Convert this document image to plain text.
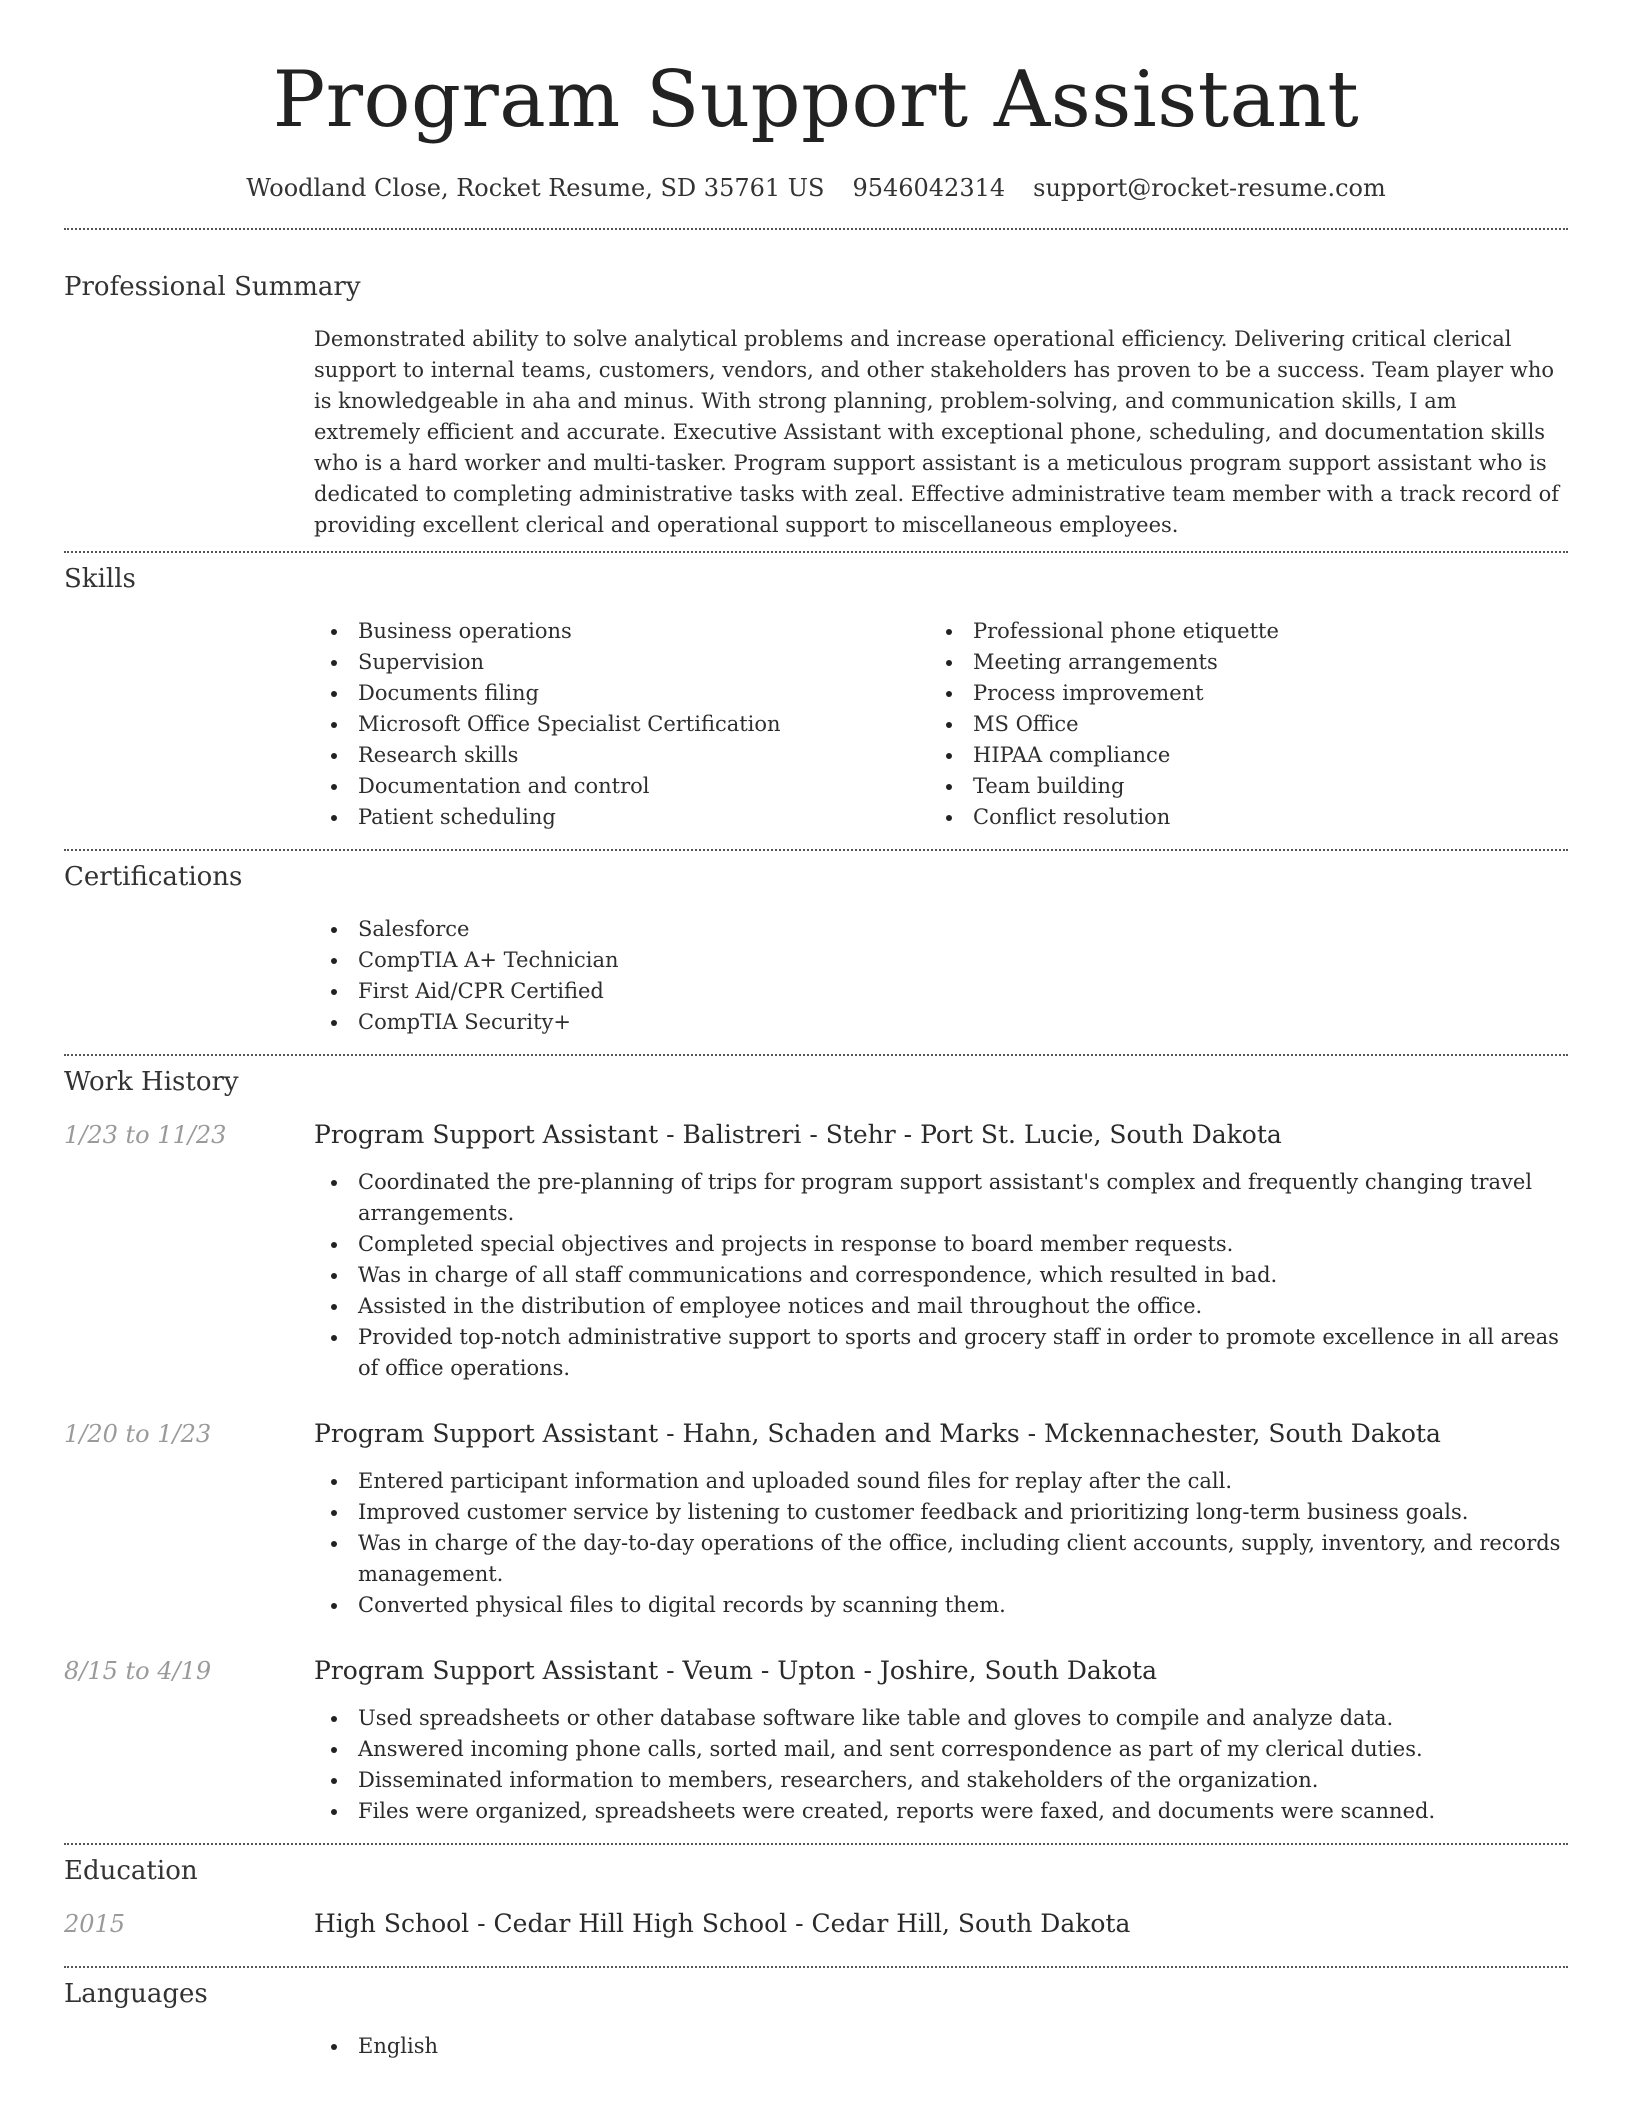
Program Support Assistant
Woodland Close, Rocket Resume, SD 35761 US 9546042314 support@rocket-resume.com
Professional Summary
Demonstrated ability to solve analytical problems and increase operational efficiency. Delivering critical clerical support to internal teams, customers, vendors, and other stakeholders has proven to be a success. Team player who is knowledgeable in aha and minus. With strong planning, problem-solving, and communication skills, I am extremely efficient and accurate. Executive Assistant with exceptional phone, scheduling, and documentation skills who is a hard worker and multi-tasker. Program support assistant is a meticulous program support assistant who is dedicated to completing administrative tasks with zeal. Effective administrative team member with a track record of providing excellent clerical and operational support to miscellaneous employees.
Skills
Business operations
Supervision
Documents filing
Microsoft Office Specialist Certification
Research skills
Documentation and control
Patient scheduling
Professional phone etiquette
Meeting arrangements
Process improvement
MS Office
HIPAA compliance
Team building
Conflict resolution
Certifications
Salesforce
CompTIA A+ Technician
First Aid/CPR Certified
CompTIA Security+
Work History
1/23 to 11/23	Program Support Assistant - Balistreri - Stehr - Port St. Lucie, South Dakota
Coordinated the pre-planning of trips for program support assistant's complex and frequently changing travel arrangements.
Completed special objectives and projects in response to board member requests.
Was in charge of all staff communications and correspondence, which resulted in bad.
Assisted in the distribution of employee notices and mail throughout the office.
Provided top-notch administrative support to sports and grocery staff in order to promote excellence in all areas of office operations.
1/20 to 1/23	Program Support Assistant - Hahn, Schaden and Marks - Mckennachester, South Dakota
Entered participant information and uploaded sound files for replay after the call.
Improved customer service by listening to customer feedback and prioritizing long-term business goals.
Was in charge of the day-to-day operations of the office, including client accounts, supply, inventory, and records management.
Converted physical files to digital records by scanning them.
8/15 to 4/19	Program Support Assistant - Veum - Upton - Joshire, South Dakota
Used spreadsheets or other database software like table and gloves to compile and analyze data.
Answered incoming phone calls, sorted mail, and sent correspondence as part of my clerical duties.
Disseminated information to members, researchers, and stakeholders of the organization.
Files were organized, spreadsheets were created, reports were faxed, and documents were scanned.
Education
2015	High School - Cedar Hill High School - Cedar Hill, South Dakota
Languages
English
